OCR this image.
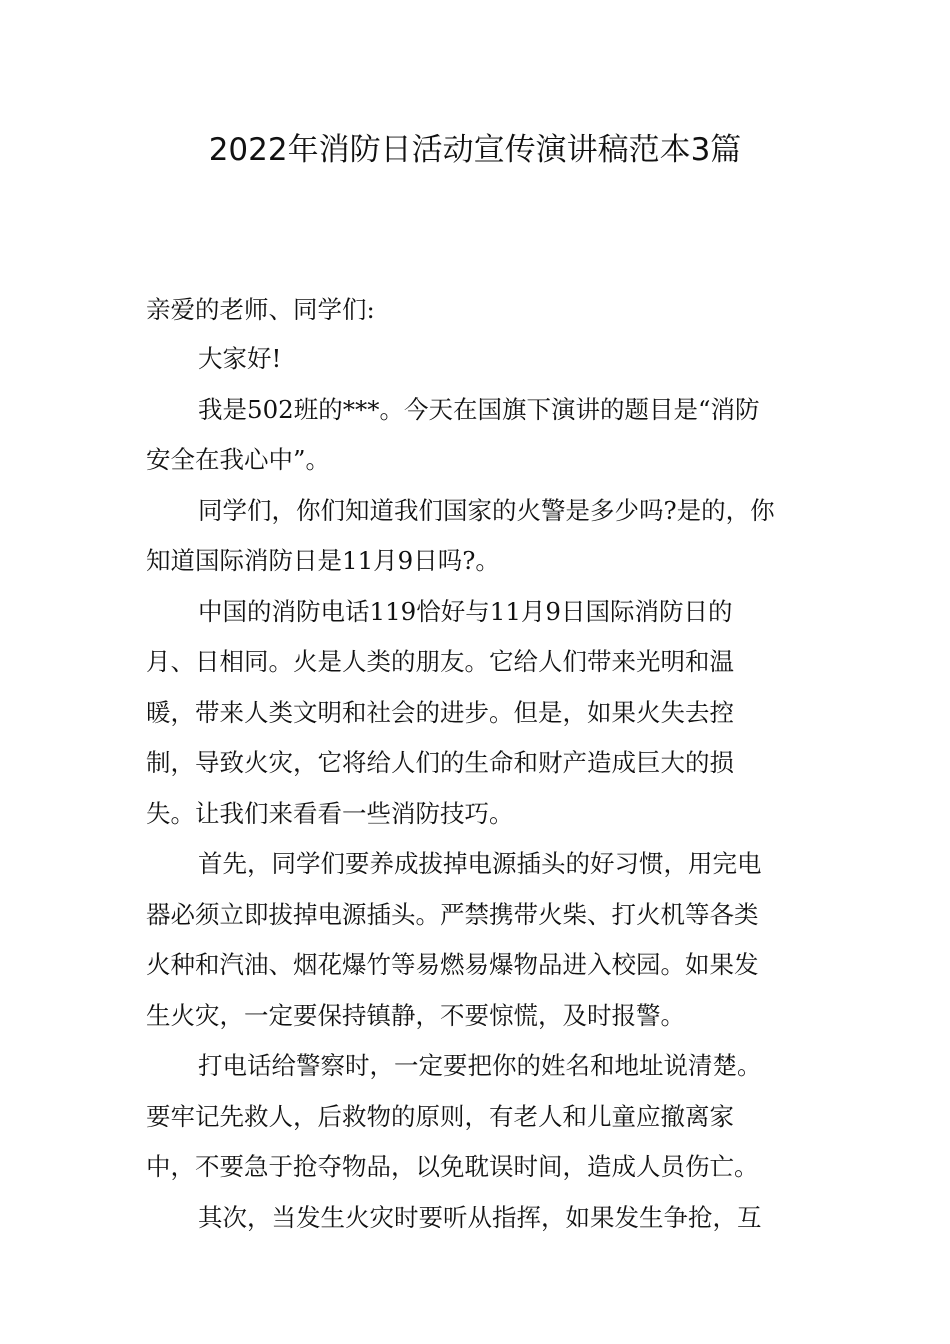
2022年消防日活动宣传演讲稿范本3篇
亲爱的老师、同学们:
大家好!
我是502班的***。今天在国旗下演讲的题目是“消防
安全在我心中”。
同学们，你们知道我们国家的火警是多少吗?是的，你
知道国际消防日是11月9日吗?。
中国的消防电话119恰好与11月9日国际消防日的
月、日相同。火是人类的朋友。它给人们带来光明和温
暖，带来人类文明和社会的进步。但是，如果火失去控
制，导致火灾，它将给人们的生命和财产造成巨大的损
失。让我们来看看一些消防技巧。
首先，同学们要养成拔掉电源插头的好习惯，用完电
器必须立即拔掉电源插头。严禁携带火柴、打火机等各类
火种和汽油、烟花爆竹等易燃易爆物品进入校园。如果发
生火灾，一定要保持镇静，不要惊慌，及时报警。
打电话给警察时，一定要把你的姓名和地址说清楚。
要牢记先救人，后救物的原则，有老人和儿童应撤离家
中，不要急于抢夺物品，以免耽误时间，造成人员伤亡。
其次，当发生火灾时要听从指挥，如果发生争抢，互
